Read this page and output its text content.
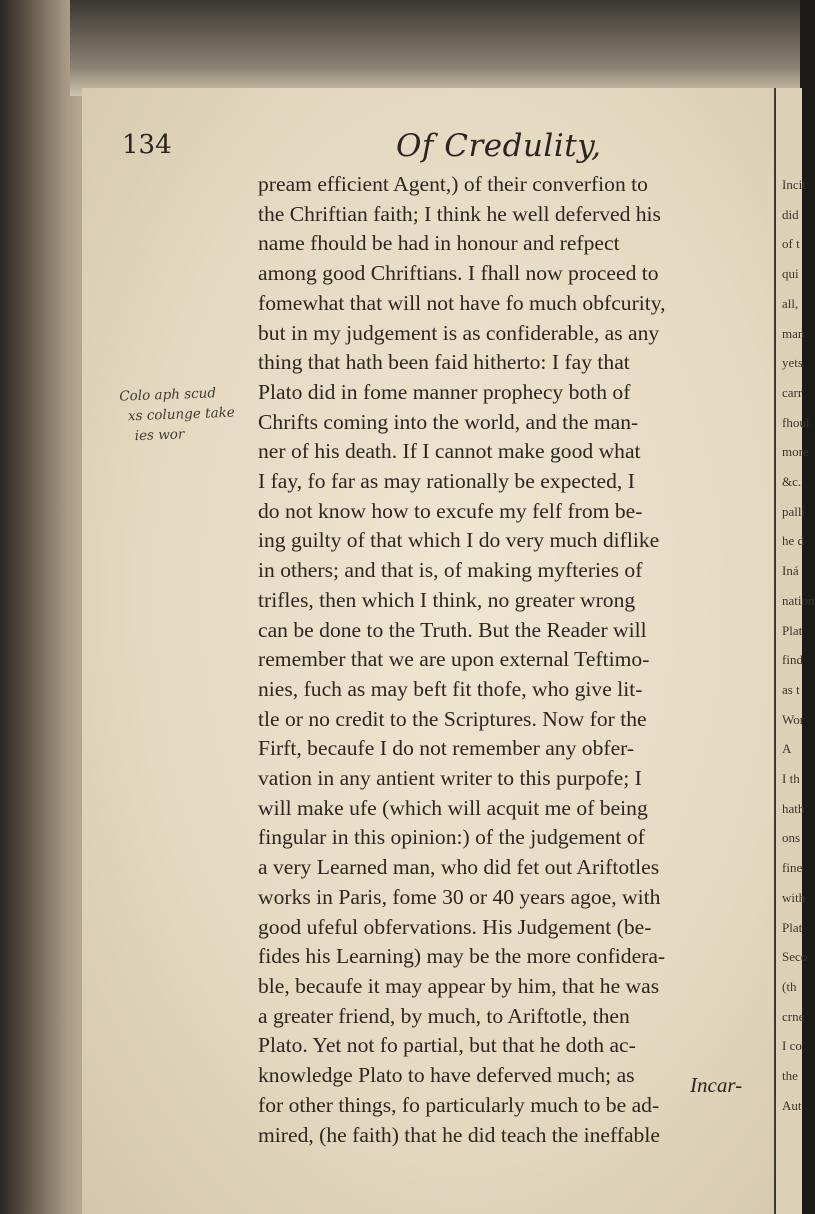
134	Of Credulity,
Colo aph scud
xs colunge take
ies wor
pream efficient Agent,) of their converfion to
the Chriftian faith; I think he well deferved his
name fhould be had in honour and refpect
among good Chriftians. I fhall now proceed to
fomewhat that will not have fo much obfcurity,
but in my judgement is as confiderable, as any
thing that hath been faid hitherto: I fay that
Plato did in fome manner prophecy both of
Chrifts coming into the world, and the man-
ner of his death. If I cannot make good what
I fay, fo far as may rationally be expected, I
do not know how to excufe my felf from be-
ing guilty of that which I do very much diflike
in others; and that is, of making myfteries of
trifles, then which I think, no greater wrong
can be done to the Truth. But the Reader will
remember that we are upon external Teftimo-
nies, fuch as may beft fit thofe, who give lit-
tle or no credit to the Scriptures. Now for the
Firft, becaufe I do not remember any obfer-
vation in any antient writer to this purpofe; I
will make ufe (which will acquit me of being
fingular in this opinion:) of the judgement of
a very Learned man, who did fet out Ariftotles
works in Paris, fome 30 or 40 years agoe, with
good ufeful obfervations. His Judgement (be-
fides his Learning) may be the more confidera-
ble, becaufe it may appear by him, that he was
a greater friend, by much, to Ariftotle, then
Plato. Yet not fo partial, but that he doth ac-
knowledge Plato to have deferved much; as
for other things, fo particularly much to be ad-
mired, (he faith) that he did teach the ineffable
Incar-
Incit
did
of t
qui
all,
man
yets
carr
fhoul
more
&c.
palli
he d
Iná
nation
Plat
find
as t
Wor
A
I th
hath
ons
fine
with
Plat
Seco
(th
crne
I co
the
Aut
